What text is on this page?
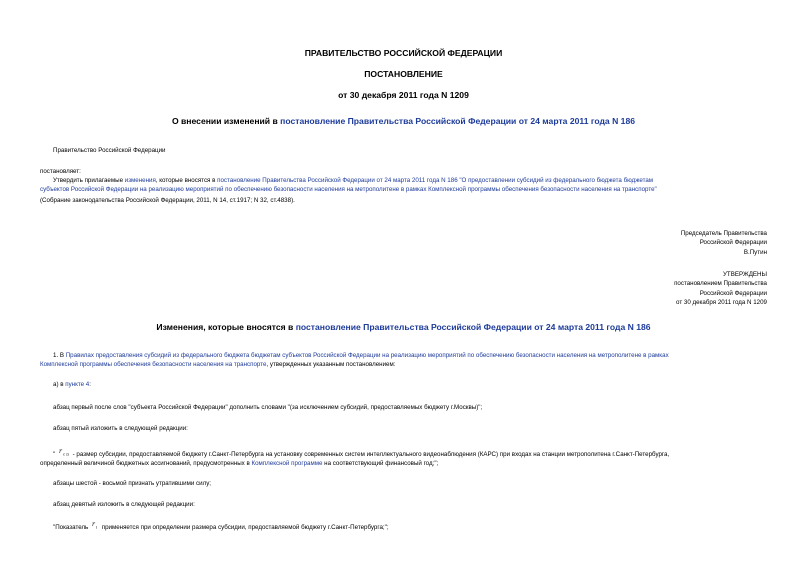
ПРАВИТЕЛЬСТВО РОССИЙСКОЙ ФЕДЕРАЦИИ
ПОСТАНОВЛЕНИЕ
от 30 декабря 2011 года N 1209
О внесении изменений в постановление Правительства Российской Федерации от 24 марта 2011 года N 186
Правительство Российской Федерации
постановляет:
Утвердить прилагаемые изменения, которые вносятся в постановление Правительства Российской Федерации от 24 марта 2011 года N 186 "О предоставлении субсидий из федерального бюджета бюджетам
субъектов Российской Федерации на реализацию мероприятий по обеспечению безопасности населения на метрополитене в рамках Комплексной программы обеспечения безопасности населения на транспорте"
(Собрание законодательства Российской Федерации, 2011, N 14, ст.1917; N 32, ст.4838).
Председатель Правительства
Российской Федерации
В.Путин
УТВЕРЖДЕНЫ
постановлением Правительства
Российской Федерации
от 30 декабря 2011 года N 1209
Изменения, которые вносятся в постановление Правительства Российской Федерации от 24 марта 2011 года N 186
1. В Правилах предоставления субсидий из федерального бюджета бюджетам субъектов Российской Федерации на реализацию мероприятий по обеспечению безопасности населения на метрополитене в рамках
Комплексной программы обеспечения безопасности населения на транспорте, утвержденных указанным постановлением:
а) в пункте 4:
абзац первый после слов "субъекта Российской Федерации" дополнить словами "(за исключением субсидий, предоставляемых бюджету г.Москвы)";
абзац пятый изложить в следующей редакции:
" r сп - размер субсидии, предоставляемой бюджету г.Санкт-Петербурга на установку современных систем интеллектуального видеонаблюдения (КАРС) при входах на станции метрополитена г.Санкт-Петербурга,
определенный величиной бюджетных ассигнований, предусмотренных в Комплексной программе на соответствующий финансовый год;";
абзацы шестой - восьмой признать утратившими силу;
абзац девятый изложить в следующей редакции:
"Показатель r i применяется при определении размера субсидии, предоставляемой бюджету г.Санкт-Петербурга;";
